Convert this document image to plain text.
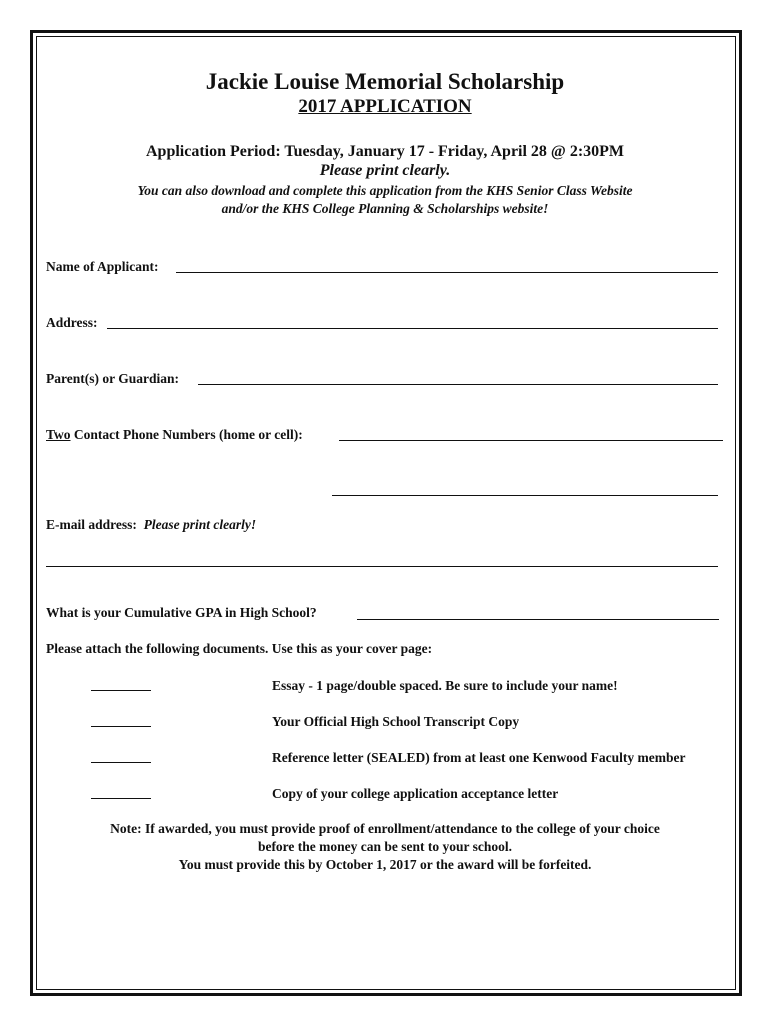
Jackie Louise Memorial Scholarship
2017 APPLICATION
Application Period: Tuesday, January 17 - Friday, April 28 @ 2:30PM
Please print clearly.
You can also download and complete this application from the KHS Senior Class Website
and/or the KHS College Planning & Scholarships website!
Name of Applicant:
Address:
Parent(s) or Guardian:
Two Contact Phone Numbers (home or cell):
E-mail address: Please print clearly!
What is your Cumulative GPA in High School?
Please attach the following documents. Use this as your cover page:
Essay - 1 page/double spaced. Be sure to include your name!
Your Official High School Transcript Copy
Reference letter (SEALED) from at least one Kenwood Faculty member
Copy of your college application acceptance letter
Note: If awarded, you must provide proof of enrollment/attendance to the college of your choice
before the money can be sent to your school.
You must provide this by October 1, 2017 or the award will be forfeited.
